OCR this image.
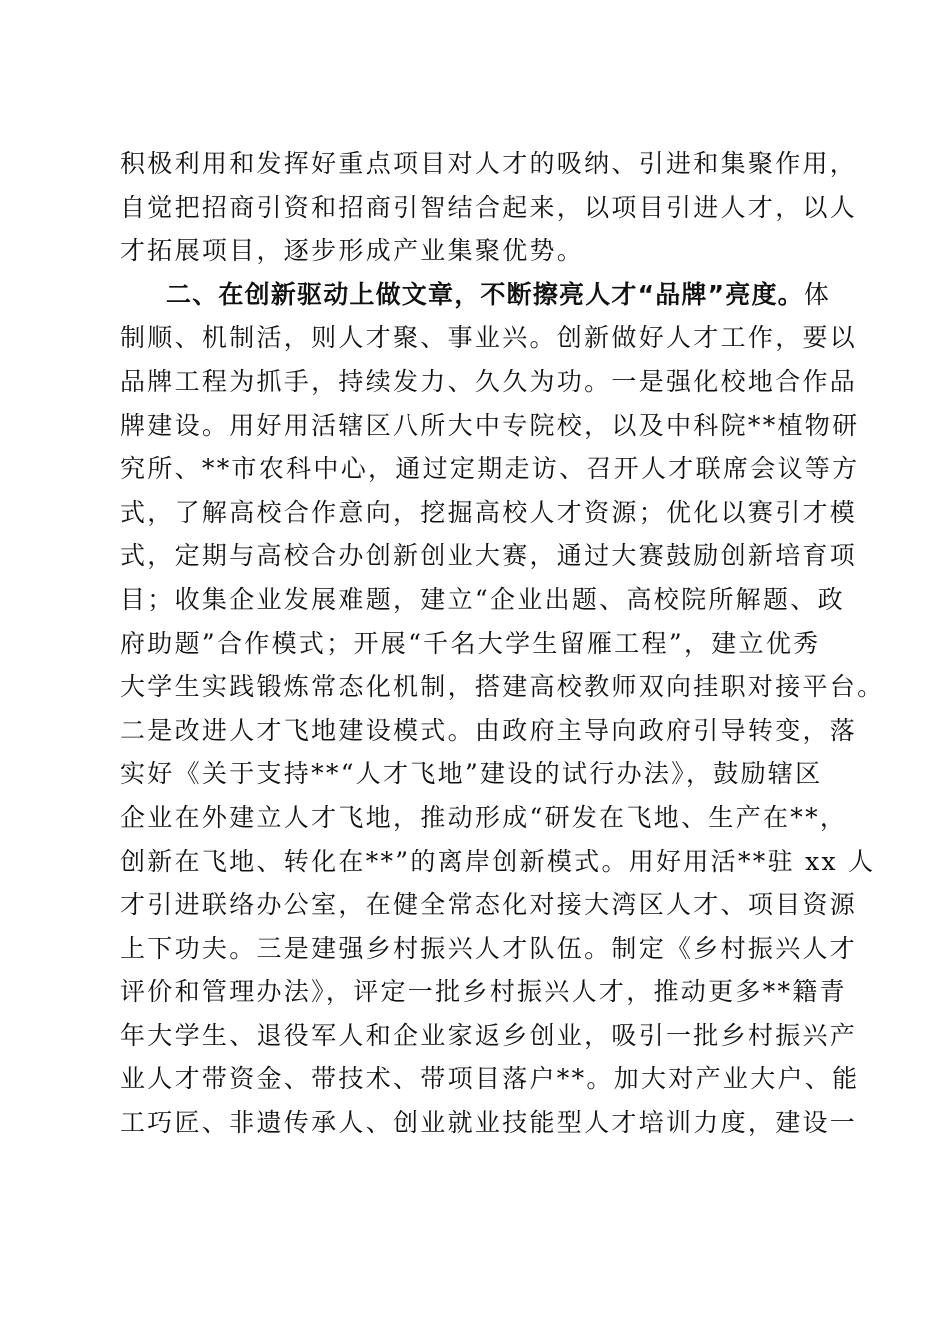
积极利用和发挥好重点项目对人才的吸纳、引进和集聚作用，
自觉把招商引资和招商引智结合起来，以项目引进人才，以人
才拓展项目，逐步形成产业集聚优势。
二、在创新驱动上做文章，不断擦亮人才“品牌”亮度。体
制顺、机制活，则人才聚、事业兴。创新做好人才工作，要以
品牌工程为抓手，持续发力、久久为功。一是强化校地合作品
牌建设。用好用活辖区八所大中专院校，以及中科院**植物研
究所、**市农科中心，通过定期走访、召开人才联席会议等方
式，了解高校合作意向，挖掘高校人才资源；优化以赛引才模
式，定期与高校合办创新创业大赛，通过大赛鼓励创新培育项
目；收集企业发展难题，建立“企业出题、高校院所解题、政
府助题”合作模式；开展“千名大学生留雁工程”，建立优秀
大学生实践锻炼常态化机制，搭建高校教师双向挂职对接平台。
二是改进人才飞地建设模式。由政府主导向政府引导转变，落
实好《关于支持**“人才飞地”建设的试行办法》，鼓励辖区
企业在外建立人才飞地，推动形成“研发在飞地、生产在**，
创新在飞地、转化在**”的离岸创新模式。用好用活**驻 xx 人
才引进联络办公室，在健全常态化对接大湾区人才、项目资源
上下功夫。三是建强乡村振兴人才队伍。制定《乡村振兴人才
评价和管理办法》，评定一批乡村振兴人才，推动更多**籍青
年大学生、退役军人和企业家返乡创业，吸引一批乡村振兴产
业人才带资金、带技术、带项目落户**。加大对产业大户、能
工巧匠、非遗传承人、创业就业技能型人才培训力度，建设一
